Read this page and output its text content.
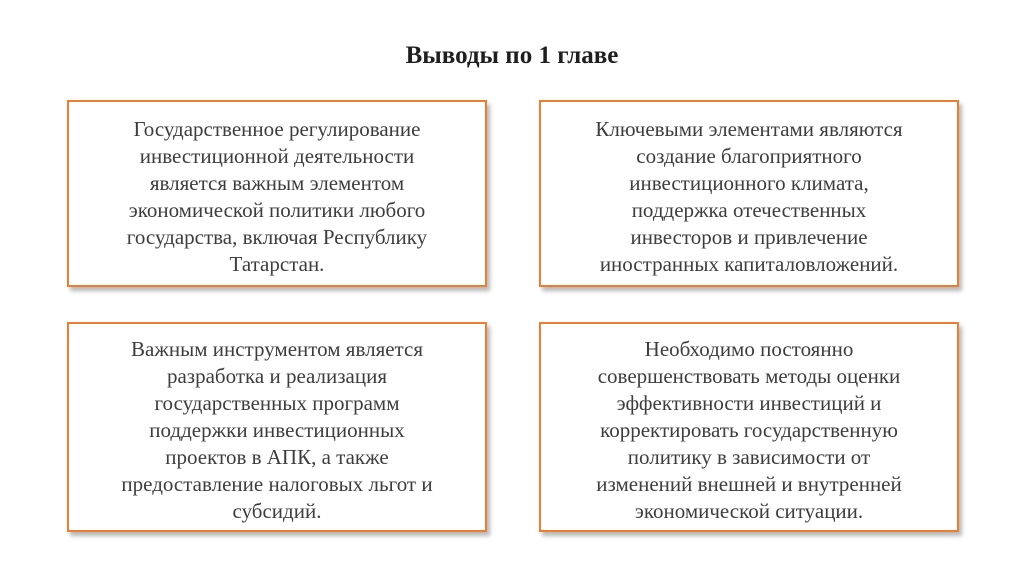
Выводы по 1 главе
Государственное регулирование
инвестиционной деятельности
является важным элементом
экономической политики любого
государства, включая Республику
Татарстан.
Ключевыми элементами являются
создание благоприятного
инвестиционного климата,
поддержка отечественных
инвесторов и привлечение
иностранных капиталовложений.
Важным инструментом является
разработка и реализация
государственных программ
поддержки инвестиционных
проектов в АПК, а также
предоставление налоговых льгот и
субсидий.
Необходимо постоянно
совершенствовать методы оценки
эффективности инвестиций и
корректировать государственную
политику в зависимости от
изменений внешней и внутренней
экономической ситуации.
